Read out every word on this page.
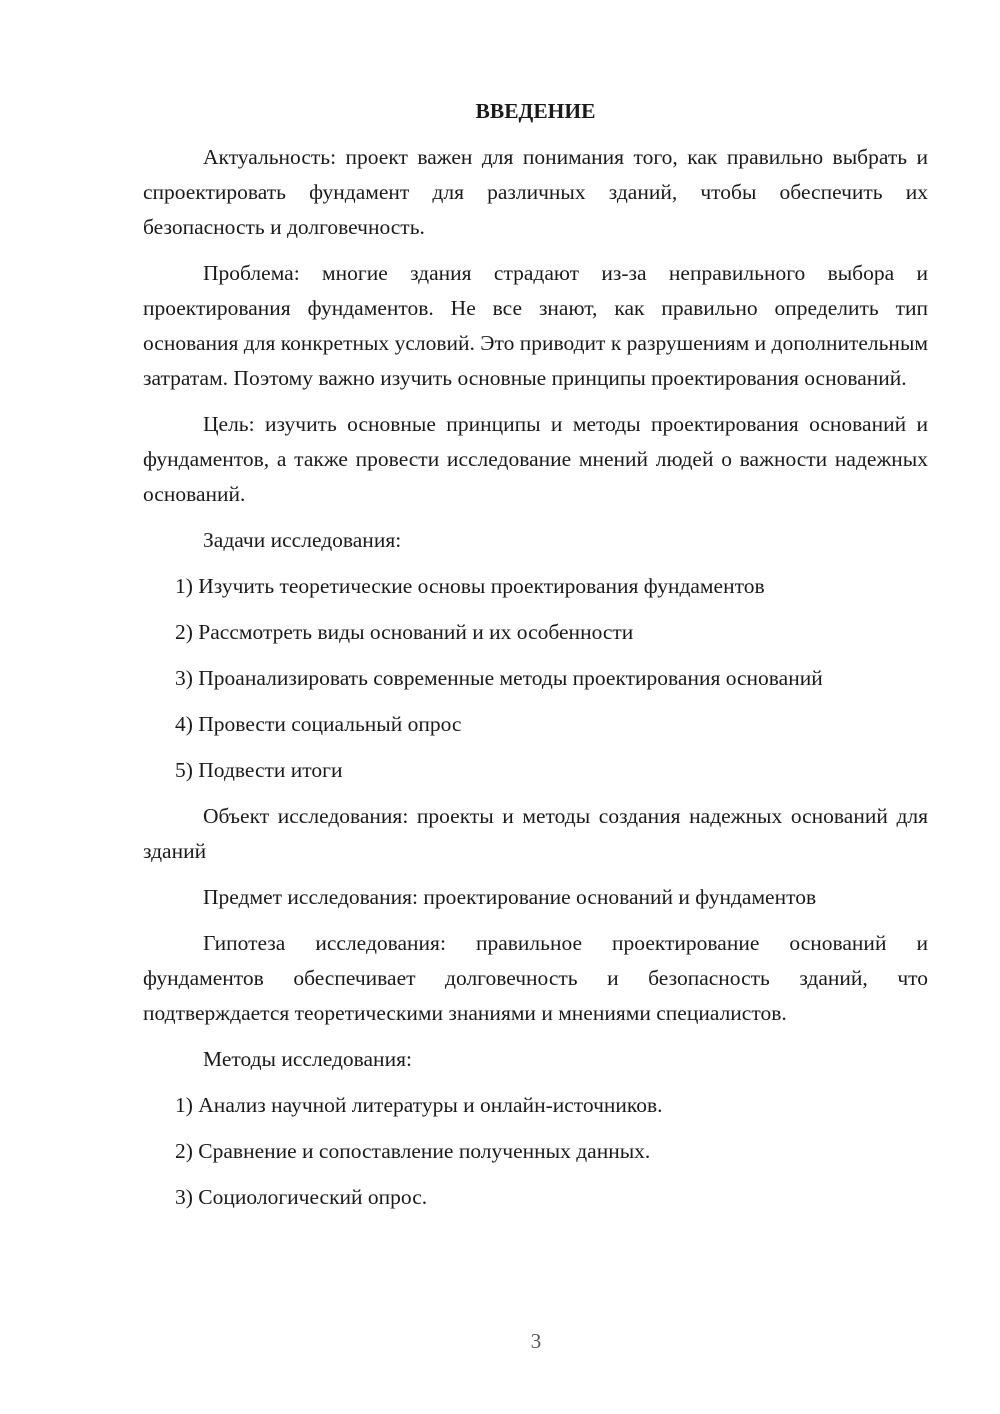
ВВЕДЕНИЕ

Актуальность: проект важен для понимания того, как правильно выбрать и спроектировать фундамент для различных зданий, чтобы обеспечить их безопасность и долговечность.

Проблема: многие здания страдают из-за неправильного выбора и проектирования фундаментов. Не все знают, как правильно определить тип основания для конкретных условий. Это приводит к разрушениям и дополнительным затратам. Поэтому важно изучить основные принципы проектирования оснований.

Цель: изучить основные принципы и методы проектирования оснований и фундаментов, а также провести исследование мнений людей о важности надежных оснований.

Задачи исследования:

1) Изучить теоретические основы проектирования фундаментов

2) Рассмотреть виды оснований и их особенности

3) Проанализировать современные методы проектирования оснований

4) Провести социальный опрос

5) Подвести итоги

Объект исследования: проекты и методы создания надежных оснований для зданий

Предмет исследования: проектирование оснований и фундаментов

Гипотеза исследования: правильное проектирование оснований и фундаментов обеспечивает долговечность и безопасность зданий, что подтверждается теоретическими знаниями и мнениями специалистов.

Методы исследования:

1) Анализ научной литературы и онлайн-источников.

2) Сравнение и сопоставление полученных данных.

3) Социологический опрос.

3
